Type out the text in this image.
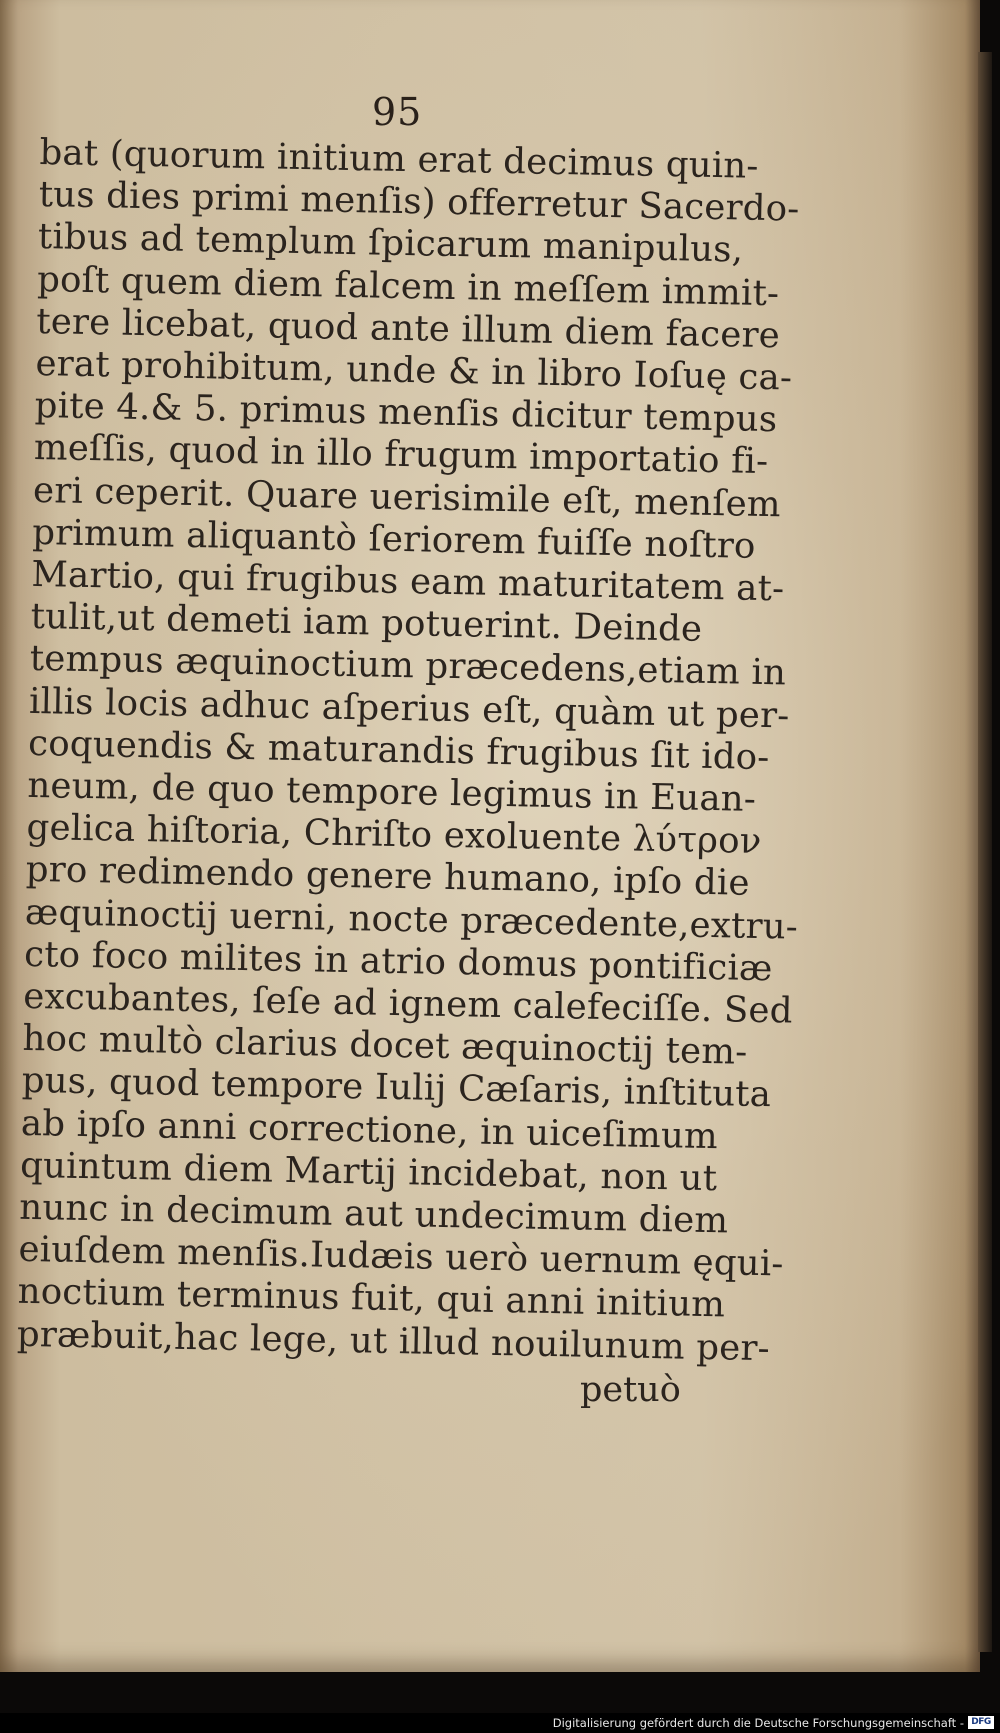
95
bat (quorum initium erat decimus quin-
tus dies primi menſis) offerretur Sacerdo-
tibus ad templum ſpicarum manipulus,
poſt quem diem falcem in meſſem immit-
tere licebat, quod ante illum diem facere
erat prohibitum, unde & in libro Ioſuę ca-
pite 4.& 5. primus menſis dicitur tempus
meſſis, quod in illo frugum importatio fi-
eri ceperit. Quare uerisimile eſt, menſem
primum aliquantò ſeriorem fuiſſe noſtro
Martio, qui frugibus eam maturitatem at-
tulit,ut demeti iam potuerint. Deinde
tempus æquinoctium præcedens,etiam in
illis locis adhuc aſperius eſt, quàm ut per-
coquendis & maturandis frugibus ſit ido-
neum, de quo tempore legimus in Euan-
gelica hiſtoria, Chriſto exoluente λύτρον
pro redimendo genere humano, ipſo die
æquinoctij uerni, nocte præcedente,extru-
cto foco milites in atrio domus pontificiæ
excubantes, ſeſe ad ignem calefeciſſe. Sed
hoc multò clarius docet æquinoctij tem-
pus, quod tempore Iulij Cæſaris, inſtituta
ab ipſo anni correctione, in uiceſimum
quintum diem Martij incidebat, non ut
nunc in decimum aut undecimum diem
eiuſdem menſis.Iudæis uerò uernum ęqui-
noctium terminus fuit, qui anni initium
præbuit,hac lege, ut illud nouilunum per-
petuò
Digitalisierung gefördert durch die Deutsche Forschungsgemeinschaft - DFG
